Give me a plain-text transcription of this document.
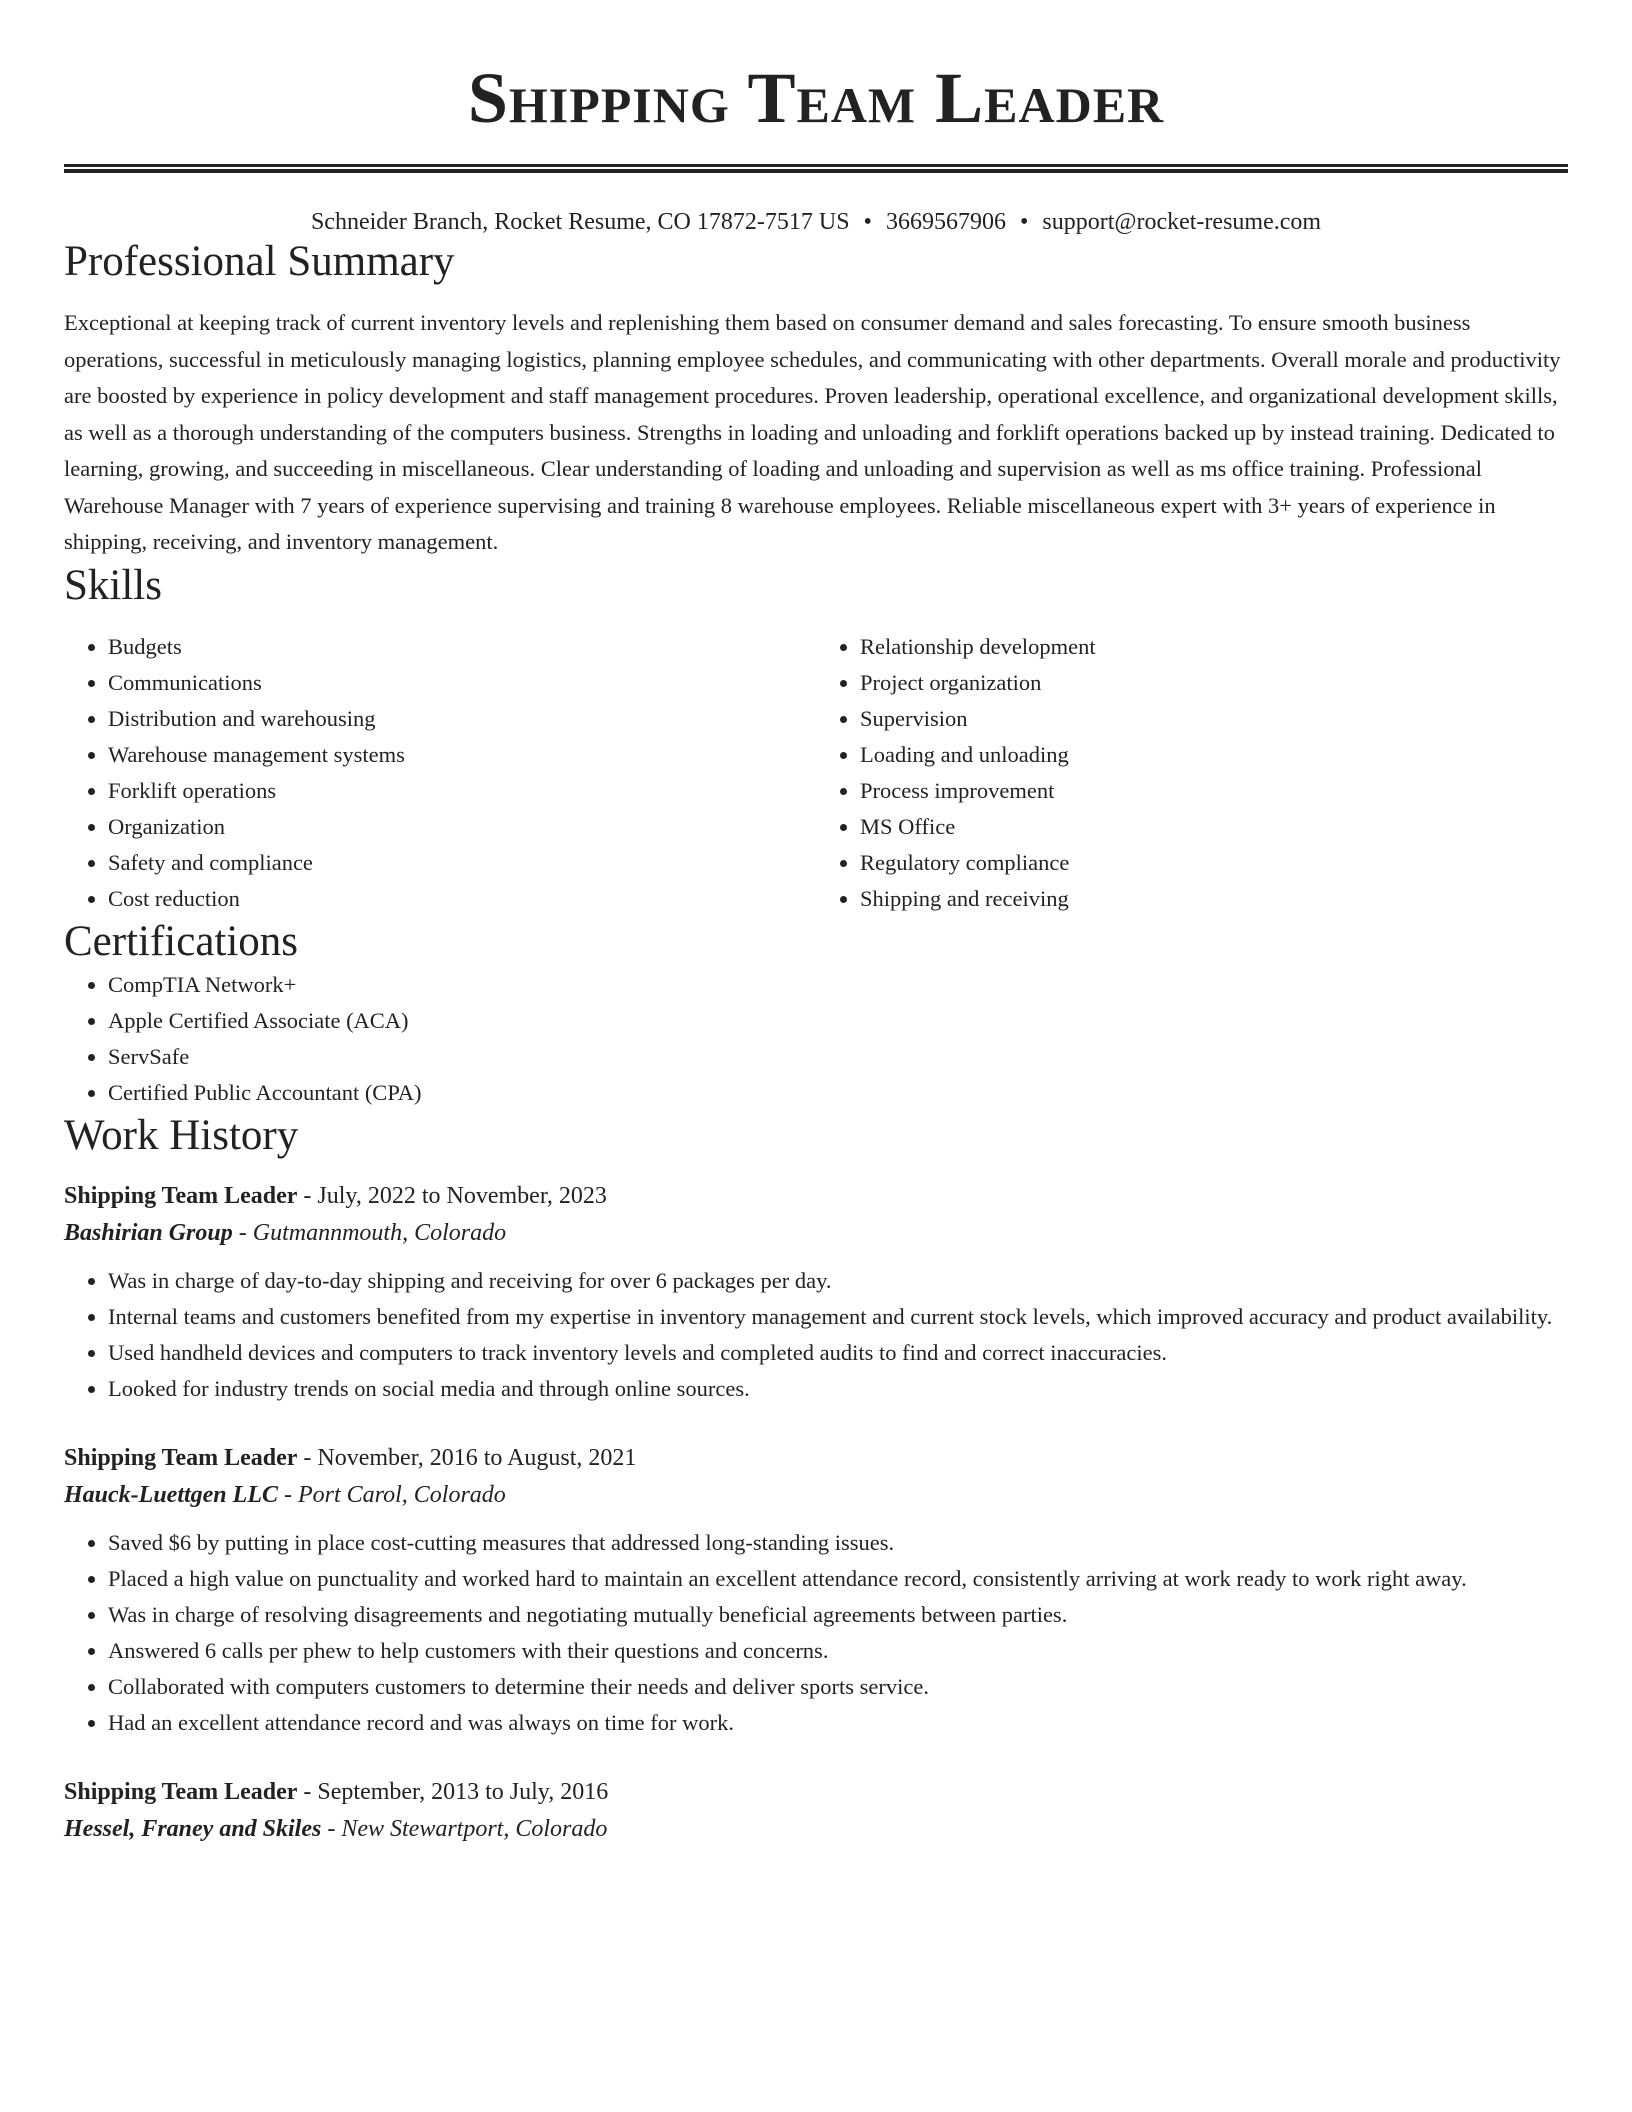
Shipping Team Leader
Schneider Branch, Rocket Resume, CO 17872-7517 US • 3669567906 • support@rocket-resume.com
Professional Summary
Exceptional at keeping track of current inventory levels and replenishing them based on consumer demand and sales forecasting. To ensure smooth business operations, successful in meticulously managing logistics, planning employee schedules, and communicating with other departments. Overall morale and productivity are boosted by experience in policy development and staff management procedures. Proven leadership, operational excellence, and organizational development skills, as well as a thorough understanding of the computers business. Strengths in loading and unloading and forklift operations backed up by instead training. Dedicated to learning, growing, and succeeding in miscellaneous. Clear understanding of loading and unloading and supervision as well as ms office training. Professional Warehouse Manager with 7 years of experience supervising and training 8 warehouse employees. Reliable miscellaneous expert with 3+ years of experience in shipping, receiving, and inventory management.
Skills
• Budgets
• Communications
• Distribution and warehousing
• Warehouse management systems
• Forklift operations
• Organization
• Safety and compliance
• Cost reduction
• Relationship development
• Project organization
• Supervision
• Loading and unloading
• Process improvement
• MS Office
• Regulatory compliance
• Shipping and receiving
Certifications
• CompTIA Network+
• Apple Certified Associate (ACA)
• ServSafe
• Certified Public Accountant (CPA)
Work History
Shipping Team Leader - July, 2022 to November, 2023
Bashirian Group - Gutmannmouth, Colorado
• Was in charge of day-to-day shipping and receiving for over 6 packages per day.
• Internal teams and customers benefited from my expertise in inventory management and current stock levels, which improved accuracy and product availability.
• Used handheld devices and computers to track inventory levels and completed audits to find and correct inaccuracies.
• Looked for industry trends on social media and through online sources.
Shipping Team Leader - November, 2016 to August, 2021
Hauck-Luettgen LLC - Port Carol, Colorado
• Saved $6 by putting in place cost-cutting measures that addressed long-standing issues.
• Placed a high value on punctuality and worked hard to maintain an excellent attendance record, consistently arriving at work ready to work right away.
• Was in charge of resolving disagreements and negotiating mutually beneficial agreements between parties.
• Answered 6 calls per phew to help customers with their questions and concerns.
• Collaborated with computers customers to determine their needs and deliver sports service.
• Had an excellent attendance record and was always on time for work.
Shipping Team Leader - September, 2013 to July, 2016
Hessel, Franey and Skiles - New Stewartport, Colorado
